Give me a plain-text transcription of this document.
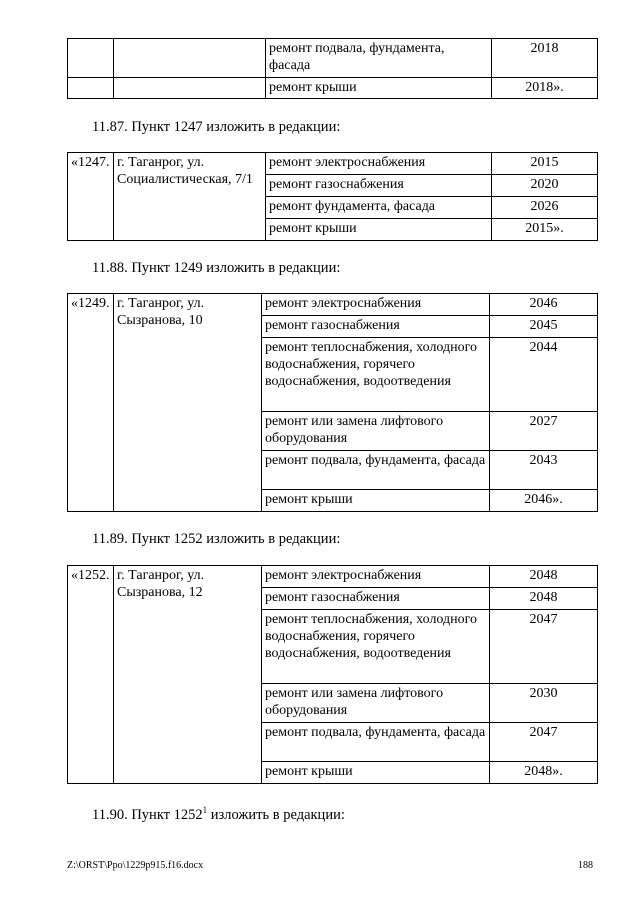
		ремонт подвала, фундамента, фасада	2018
		ремонт крыши	2018».
11.87. Пункт 1247 изложить в редакции:
«1247.	г. Таганрог, ул. Социалистическая, 7/1	ремонт электроснабжения	2015
		ремонт газоснабжения	2020
		ремонт фундамента, фасада	2026
		ремонт крыши	2015».
11.88. Пункт 1249 изложить в редакции:
«1249.	г. Таганрог, ул. Сызранова, 10	ремонт электроснабжения	2046
		ремонт газоснабжения	2045
		ремонт теплоснабжения, холодного водоснабжения, горячего водоснабжения, водоотведения	2044
		ремонт или замена лифтового оборудования	2027
		ремонт подвала, фундамента, фасада	2043
		ремонт крыши	2046».
11.89. Пункт 1252 изложить в редакции:
«1252.	г. Таганрог, ул. Сызранова, 12	ремонт электроснабжения	2048
		ремонт газоснабжения	2048
		ремонт теплоснабжения, холодного водоснабжения, горячего водоснабжения, водоотведения	2047
		ремонт или замена лифтового оборудования	2030
		ремонт подвала, фундамента, фасада	2047
		ремонт крыши	2048».
11.90. Пункт 1252$^1$ изложить в редакции:
Z:\ORST\Ppo\1229p915.f16.docx	188
